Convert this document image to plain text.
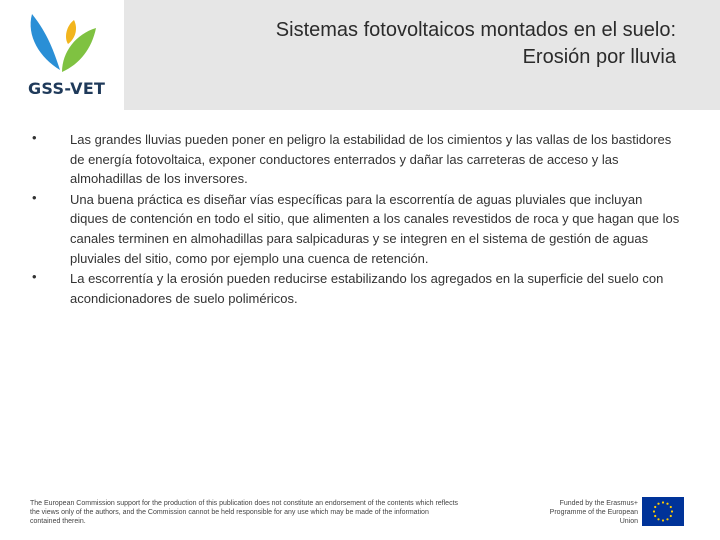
Sistemas fotovoltaicos montados en el suelo:
Erosión por lluvia
GSS-VET
•	Las grandes lluvias pueden poner en peligro la estabilidad de los cimientos y las vallas de los bastidores de energía fotovoltaica, exponer conductores enterrados y dañar las carreteras de acceso y las almohadillas de los inversores.
•	Una buena práctica es diseñar vías específicas para la escorrentía de aguas pluviales que incluyan diques de contención en todo el sitio, que alimenten a los canales revestidos de roca y que hagan que los canales terminen en almohadillas para salpicaduras y se integren en el sistema de gestión de aguas pluviales del sitio, como por ejemplo una cuenca de retención.
•	La escorrentía y la erosión pueden reducirse estabilizando los agregados en la superficie del suelo con acondicionadores de suelo poliméricos.
The European Commission support for the production of this publication does not constitute an endorsement of the contents which reflects the views only of the authors, and the Commission cannot be held responsible for any use which may be made of the information contained therein.
Funded by the Erasmus+ Programme of the European Union
